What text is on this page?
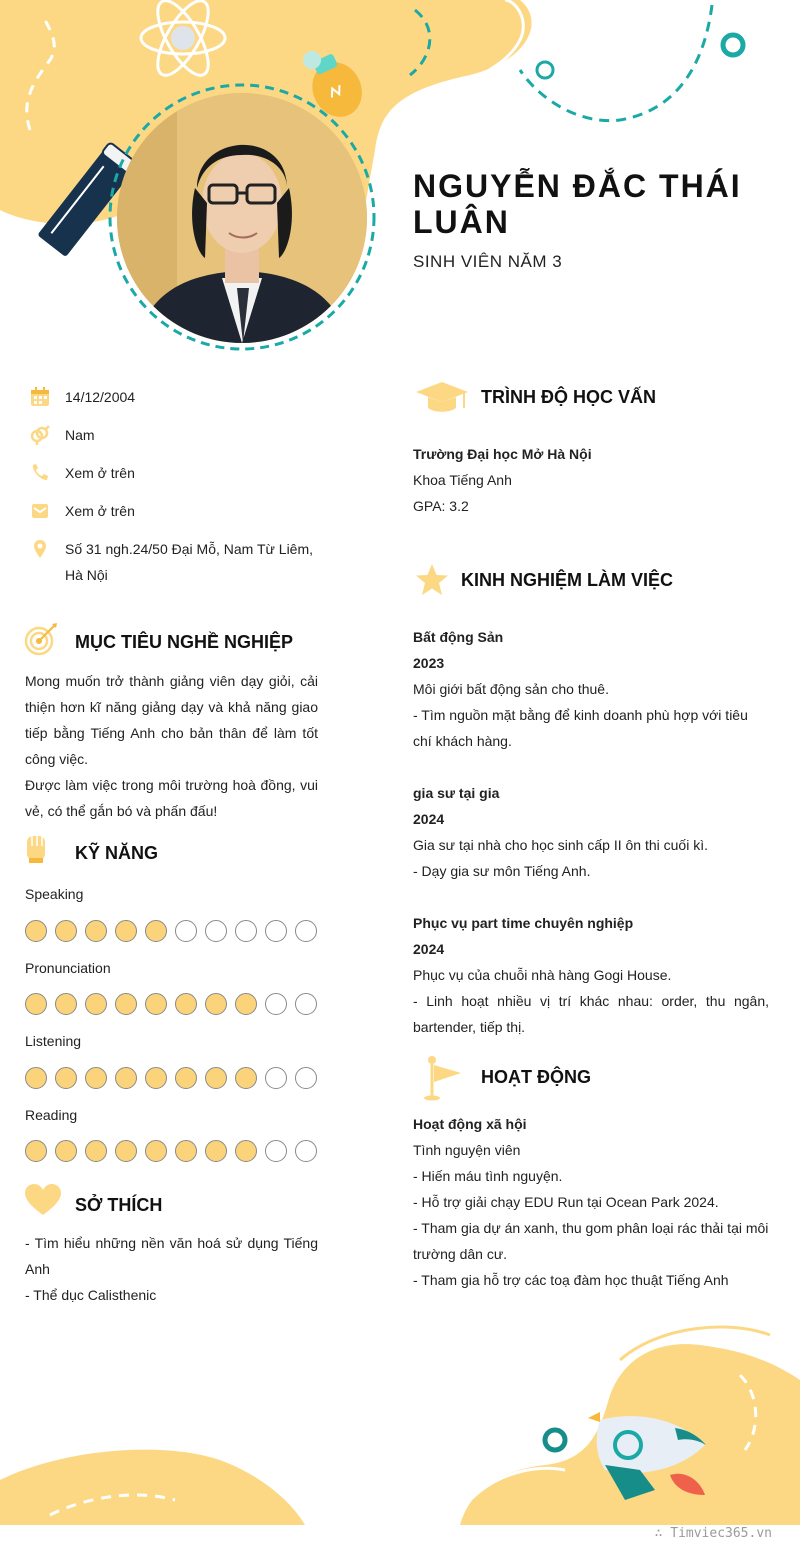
NGUYỄN ĐẮC THÁI LUÂN
SINH VIÊN NĂM 3
14/12/2004
Nam
Xem ở trên
Xem ở trên
Số 31 ngh.24/50 Đại Mỗ, Nam Từ Liêm, Hà Nội
MỤC TIÊU NGHỀ NGHIỆP
Mong muốn trở thành giảng viên dạy giỏi, cải thiện hơn kĩ năng giảng dạy và khả năng giao tiếp bằng Tiếng Anh cho bản thân để làm tốt công việc.
Được làm việc trong môi trường hoà đồng, vui vẻ, có thể gắn bó và phấn đấu!
KỸ NĂNG
Speaking
Pronunciation
Listening
Reading
SỞ THÍCH
- Tìm hiểu những nền văn hoá sử dụng Tiếng Anh
- Thể dục Calisthenic
TRÌNH ĐỘ HỌC VẤN
Trường Đại học Mở Hà Nội
Khoa Tiếng Anh
GPA: 3.2
KINH NGHIỆM LÀM VIỆC
Bất động Sản
2023
Môi giới bất động sản cho thuê.
- Tìm nguồn mặt bằng để kinh doanh phù hợp với tiêu chí khách hàng.
gia sư tại gia
2024
Gia sư tại nhà cho học sinh cấp II ôn thi cuối kì.
- Dạy gia sư môn Tiếng Anh.
Phục vụ part time chuyên nghiệp
2024
Phục vụ của chuỗi nhà hàng Gogi House.
- Linh hoạt nhiều vị trí khác nhau: order, thu ngân, bartender, tiếp thị.
HOẠT ĐỘNG
Hoạt động xã hội
Tình nguyện viên
- Hiến máu tình nguyện.
- Hỗ trợ giải chạy EDU Run tại Ocean Park 2024.
- Tham gia dự án xanh, thu gom phân loại rác thải tại môi trường dân cư.
- Tham gia hỗ trợ các toạ đàm học thuật Tiếng Anh
∴ Timviec365.vn
